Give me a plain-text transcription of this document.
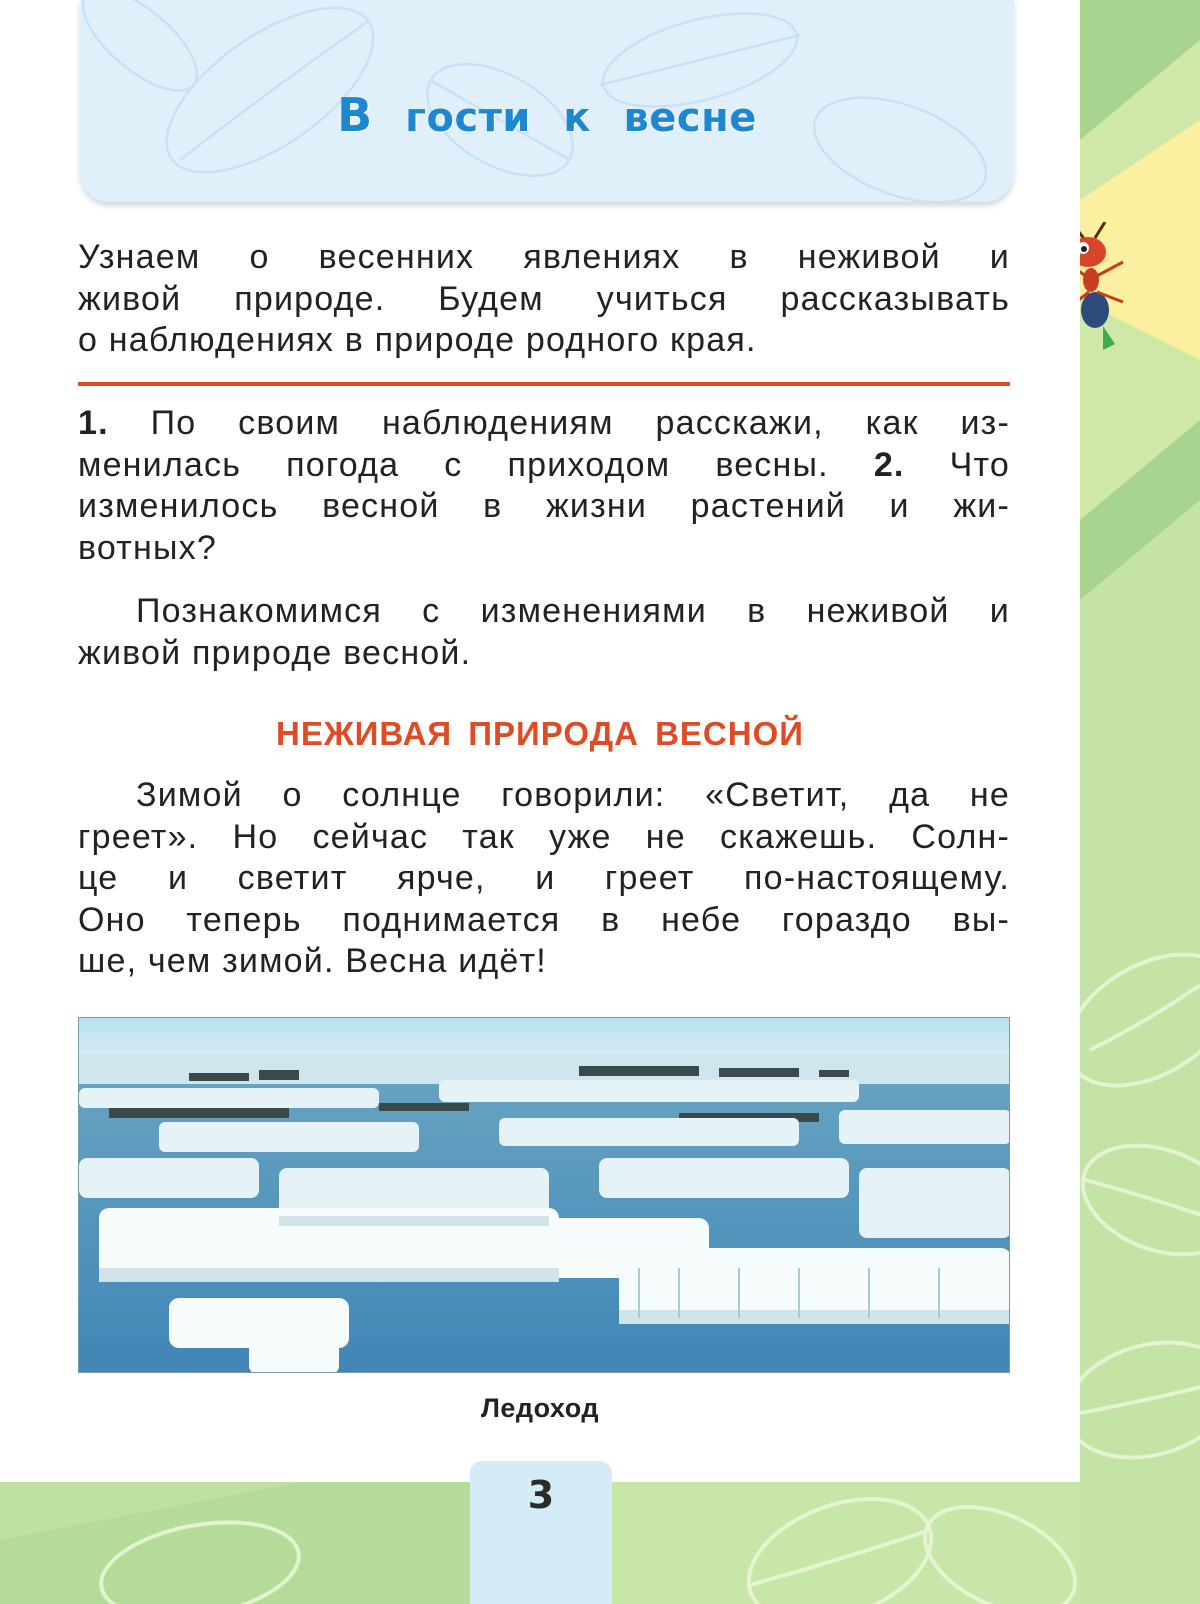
В гости к весне
Узнаем о весенних явлениях в неживой и
живой природе. Будем учиться рассказывать
о наблюдениях в природе родного края.
1. По своим наблюдениям расскажи, как из-
менилась погода с приходом весны. 2. Что
изменилось весной в жизни растений и жи-
вотных?
Познакомимся с изменениями в неживой и
живой природе весной.
НЕЖИВАЯ ПРИРОДА ВЕСНОЙ
Зимой о солнце говорили: «Светит, да не
греет». Но сейчас так уже не скажешь. Солн-
це и светит ярче, и греет по-настоящему.
Оно теперь поднимается в небе гораздо вы-
ше, чем зимой. Весна идёт!
Ледоход
3
